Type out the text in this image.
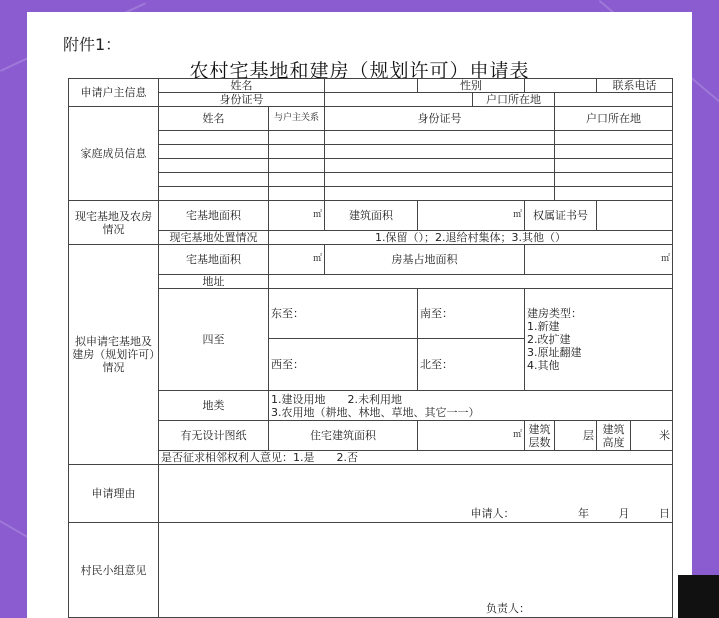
附件1：
农村宅基地和建房（规划许可）申请表
申请户主信息	姓名			性别				联系电话	
	身份证号				户口所在地				
家庭成员信息	姓名	与户主关系	身份证号				户口所在地		

现宅基地及农房情况	宅基地面积	㎡	建筑面积	㎡		权属证书号			
	现宅基地处置情况	1.保留（）；2.退给村集体；3.其他（）							
拟申请宅基地及建房（规划许可）情况	宅基地面积	㎡	房基占地面积			㎡			
	地址								
	四至	东至：		南至：		建房类型：
1.新建
2.改扩建
3.原址翻建
4.其他			

		西至：		北至：					
	地类	1.建设用地　　2.未利用地
3.农用地（耕地、林地、草地、其它一一）							

	有无设计图纸	住宅建筑面积		㎡		建筑层数	层	建筑高度	米
	是否征求相邻权利人意见：1.是　　2.否								
申请理由	申请人： 年 月 日								
村民小组意见	负责人：								
